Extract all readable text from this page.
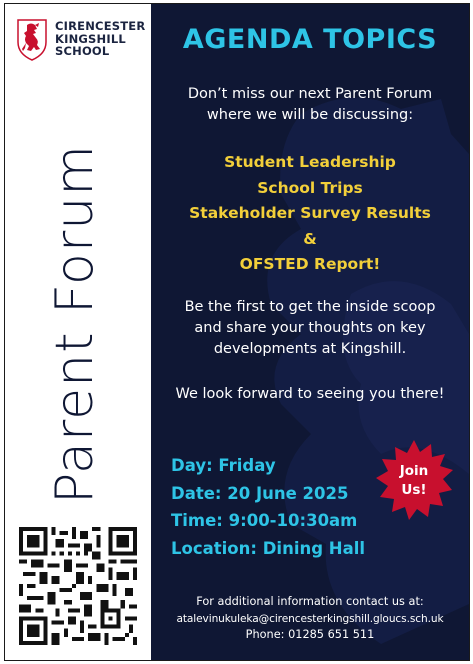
CIRENCESTER
KINGSHILL
SCHOOL
Parent Forum
AGENDA TOPICS
Don’t miss our next Parent Forum
where we will be discussing:
Student Leadership
School Trips
Stakeholder Survey Results
&
OFSTED Report!
Be the first to get the inside scoop
and share your thoughts on key
developments at Kingshill.
We look forward to seeing you there!
Day: Friday
Date: 20 June 2025
Time: 9:00-10:30am
Location: Dining Hall
Join
Us!
For additional information contact us at:
atalevinukuleka@cirencesterkingshill.gloucs.sch.uk
Phone: 01285 651 511
